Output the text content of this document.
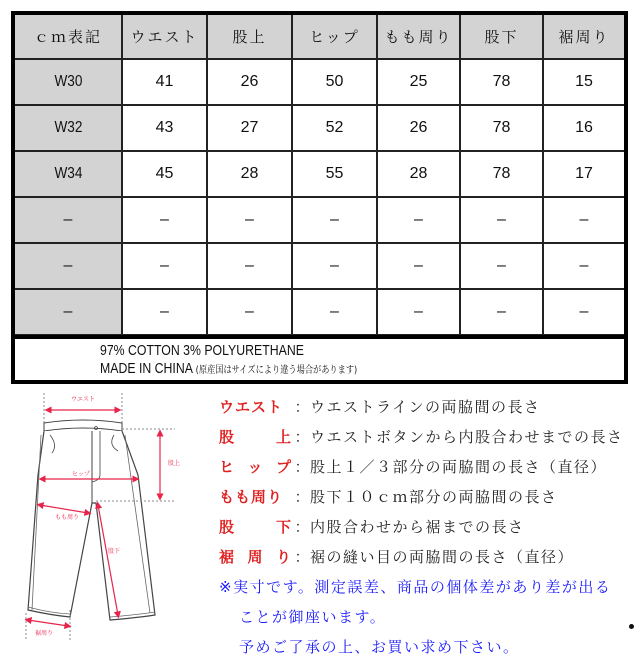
ｃｍ表記	ウエスト	股上	ヒップ	もも周り	股下	裾周り
W30	41	26	50	25	78	15
W32	43	27	52	26	78	16
W34	45	28	55	28	78	17
–	–	–	–	–	–	–
–	–	–	–	–	–	–
–	–	–	–	–	–	–
97% COTTON 3% POLYURETHANE
MADE IN CHINA (原産国はサイズにより違う場合があります)
ウエスト
股上
ヒップ
もも周り
股下
裾周り
ウエスト ： ウエストラインの両脇間の長さ
股	上 ： ウエストボタンから内股合わせまでの長さ
ヒ ッ プ ： 股上１／３部分の両脇間の長さ（直径）
もも周り ： 股下１０ｃｍ部分の両脇間の長さ
股	下 ： 内股合わせから裾までの長さ
裾 周 り ： 裾の縫い目の両脇間の長さ（直径）
※実寸です。測定誤差、商品の個体差があり差が出る
ことが御座います。
予めご了承の上、お買い求め下さい。
